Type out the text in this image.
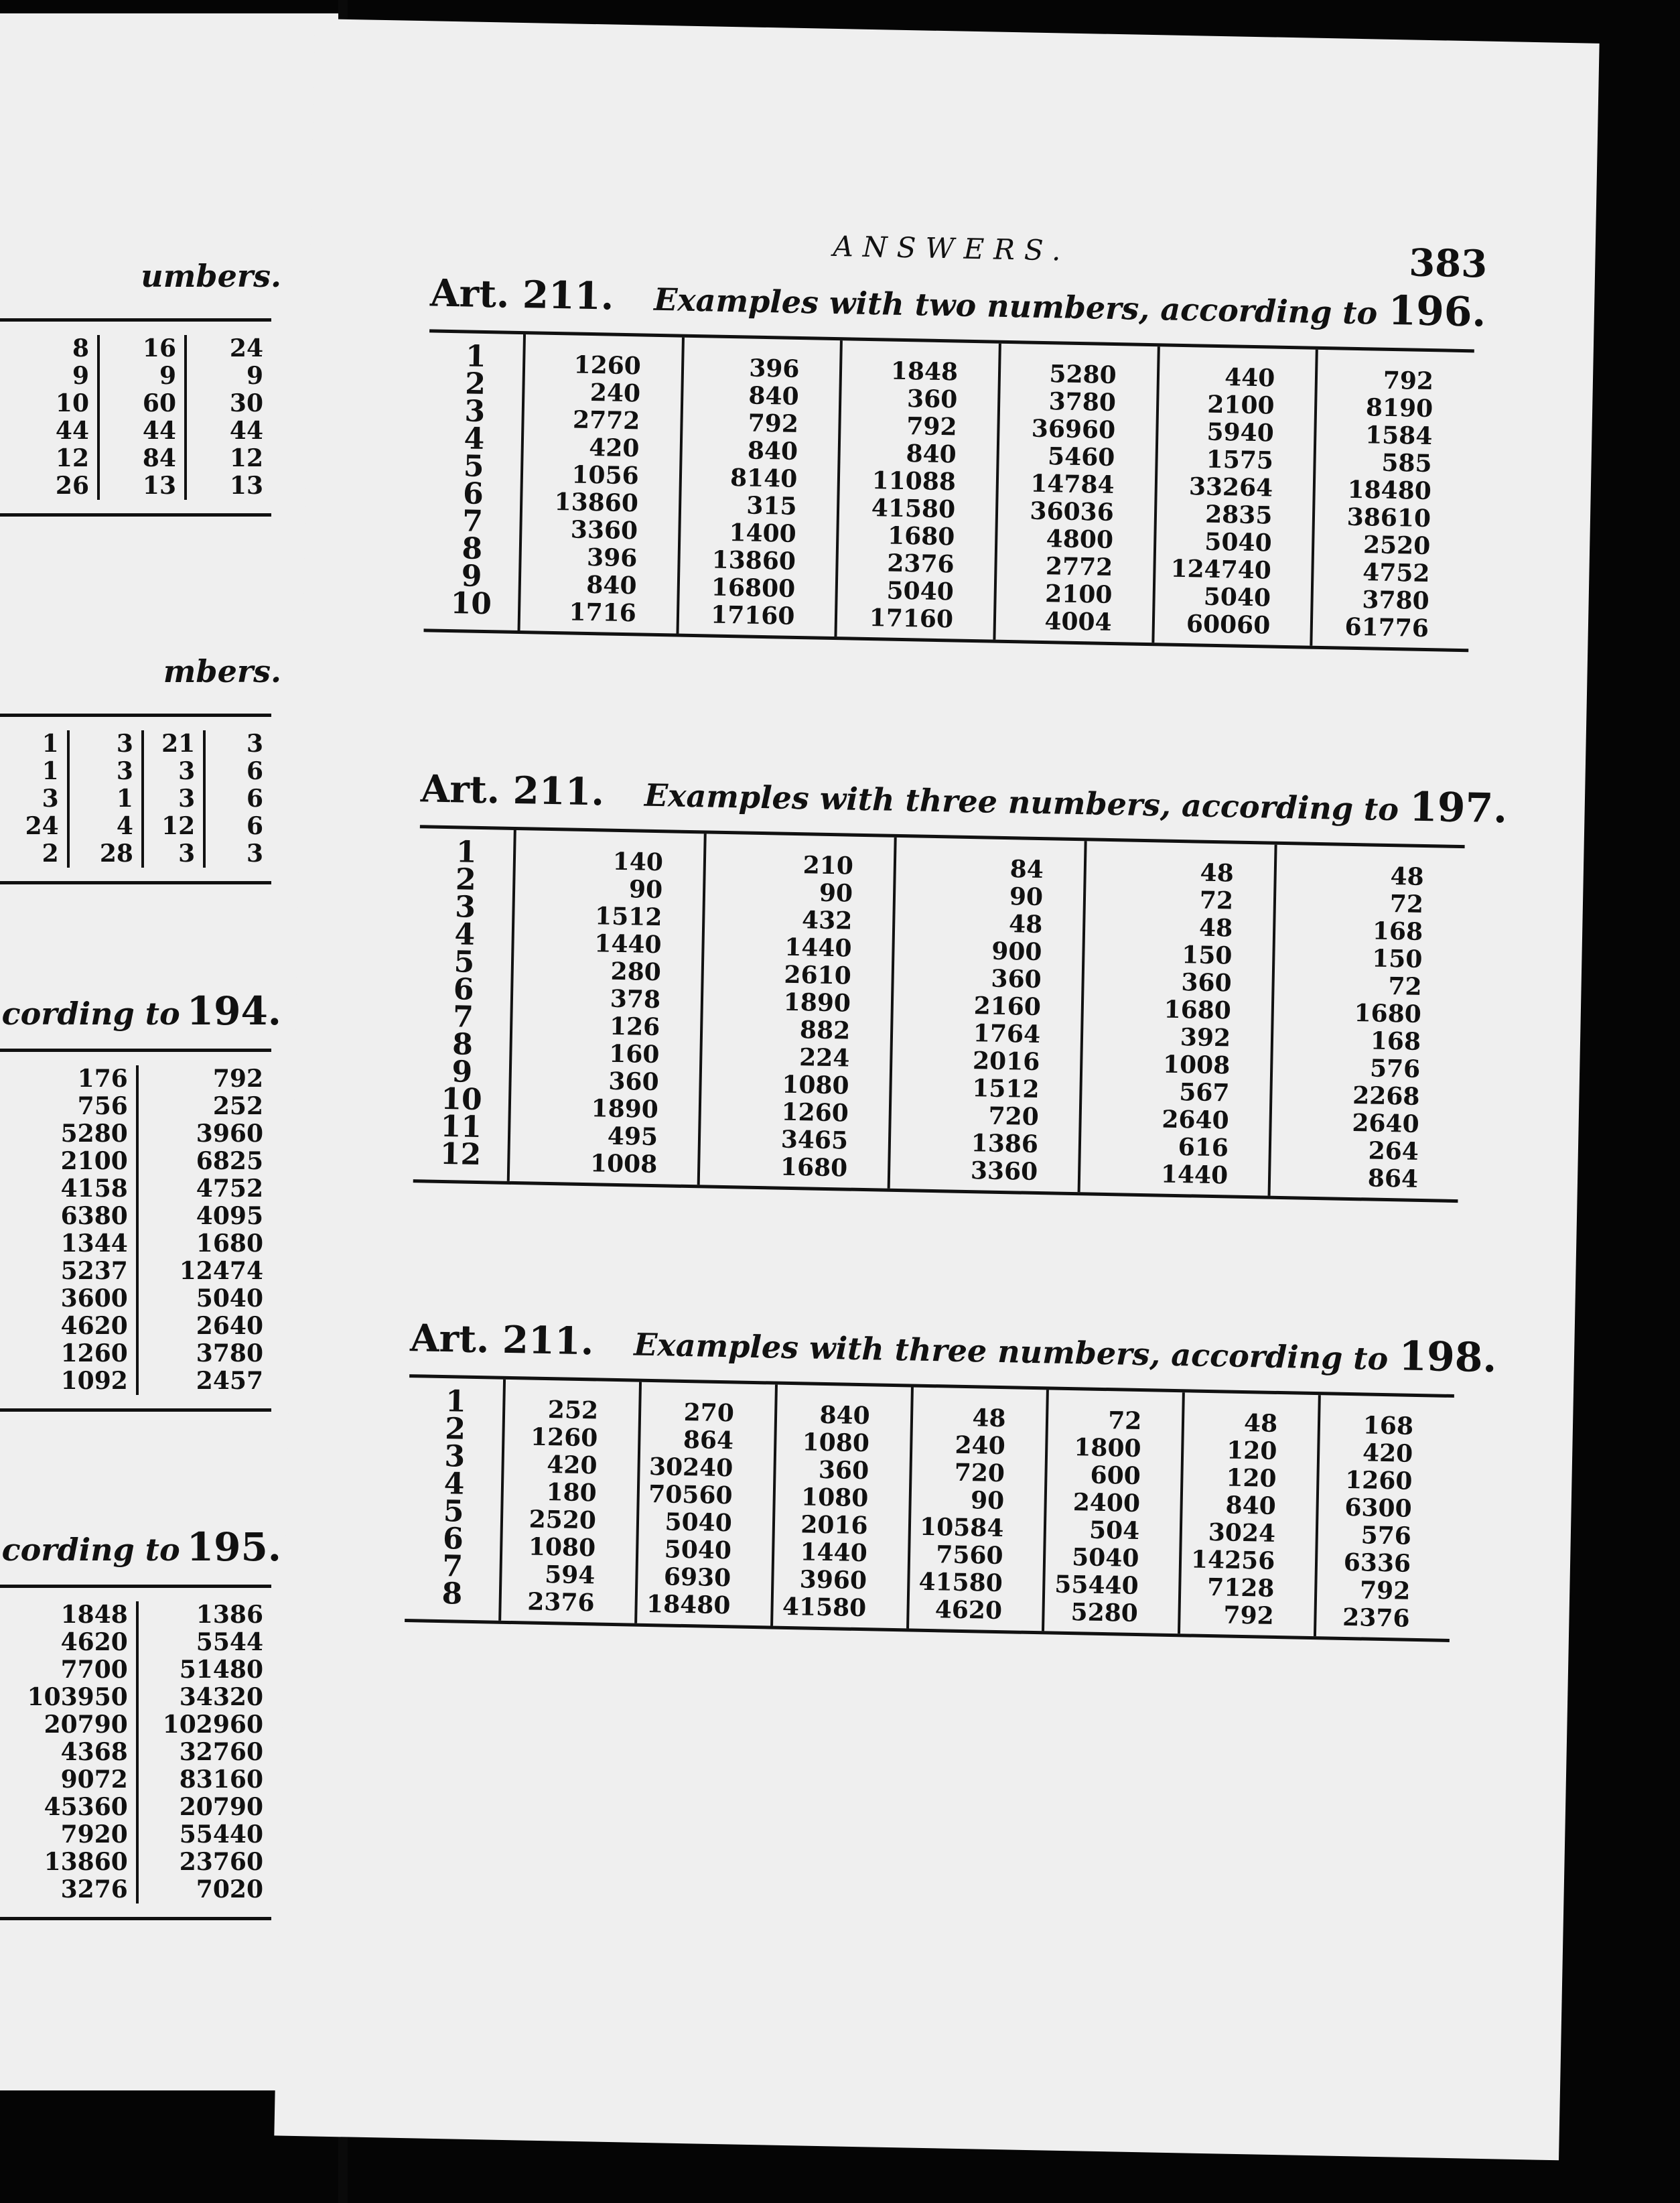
umbers.
8
9
10
44
12
26
16
9
60
44
84
13
24
9
30
44
12
13
mbers.
1
1
3
24
2
3
3
1
4
28
21
3
3
12
3
3
6
6
6
3
cording to 194.
176
756
5280
2100
4158
6380
1344
5237
3600
4620
1260
1092
792
252
3960
6825
4752
4095
1680
12474
5040
2640
3780
2457
cording to 195.
1848
4620
7700
103950
20790
4368
9072
45360
7920
13860
3276
1386
5544
51480
34320
102960
32760
83160
20790
55440
23760
7020
ANSWERS.	383
Art. 211. Examples with two numbers, according to 196.
1
2
3
4
5
6
7
8
9
10
1260
240
2772
420
1056
13860
3360
396
840
1716
396
840
792
840
8140
315
1400
13860
16800
17160
1848
360
792
840
11088
41580
1680
2376
5040
17160
5280
3780
36960
5460
14784
36036
4800
2772
2100
4004
440
2100
5940
1575
33264
2835
5040
124740
5040
60060
792
8190
1584
585
18480
38610
2520
4752
3780
61776
Art. 211. Examples with three numbers, according to 197.
1
2
3
4
5
6
7
8
9
10
11
12
140
90
1512
1440
280
378
126
160
360
1890
495
1008
210
90
432
1440
2610
1890
882
224
1080
1260
3465
1680
84
90
48
900
360
2160
1764
2016
1512
720
1386
3360
48
72
48
150
360
1680
392
1008
567
2640
616
1440
48
72
168
150
72
1680
168
576
2268
2640
264
864
Art. 211. Examples with three numbers, according to 198.
1
2
3
4
5
6
7
8
252
1260
420
180
2520
1080
594
2376
270
864
30240
70560
5040
5040
6930
18480
840
1080
360
1080
2016
1440
3960
41580
48
240
720
90
10584
7560
41580
4620
72
1800
600
2400
504
5040
55440
5280
48
120
120
840
3024
14256
7128
792
168
420
1260
6300
576
6336
792
2376
